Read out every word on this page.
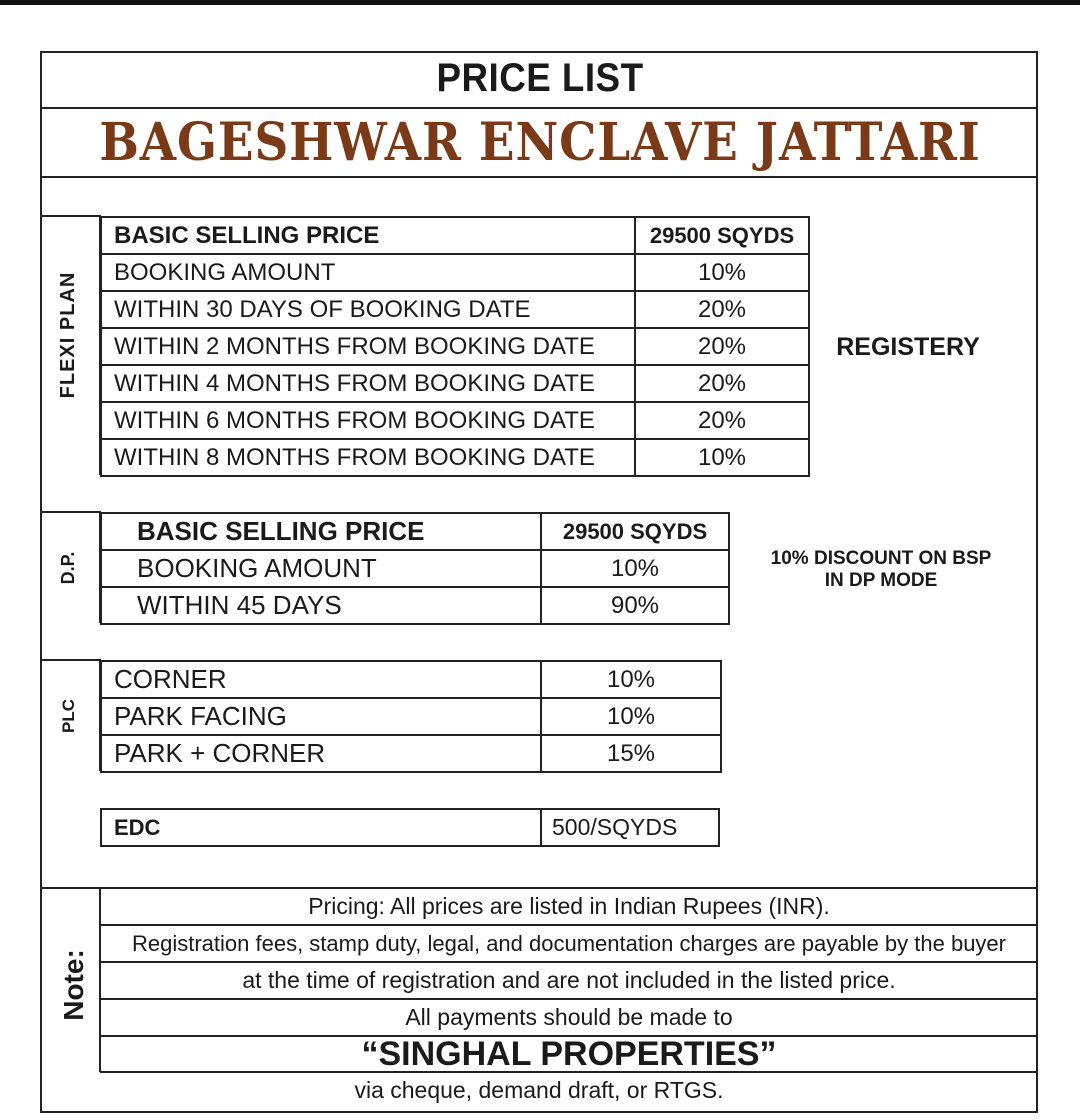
PRICE LIST
BAGESHWAR ENCLAVE JATTARI
FLEXI PLAN
BASIC SELLING PRICE	29500 SQYDS
BOOKING AMOUNT	10%
WITHIN 30 DAYS OF BOOKING DATE	20%
WITHIN 2 MONTHS FROM BOOKING DATE	20%
WITHIN 4 MONTHS FROM BOOKING DATE	20%
WITHIN 6 MONTHS FROM BOOKING DATE	20%
WITHIN 8 MONTHS FROM BOOKING DATE	10%
REGISTERY
D.P.
BASIC SELLING PRICE	29500 SQYDS
BOOKING AMOUNT	10%
WITHIN 45 DAYS	90%
10% DISCOUNT ON BSP
IN DP MODE
PLC
CORNER	10%
PARK FACING	10%
PARK + CORNER	15%
EDC	500/SQYDS
Note:
Pricing: All prices are listed in Indian Rupees (INR).
Registration fees, stamp duty, legal, and documentation charges are payable by the buyer
at the time of registration and are not included in the listed price.
All payments should be made to
“SINGHAL PROPERTIES”
via cheque, demand draft, or RTGS.
